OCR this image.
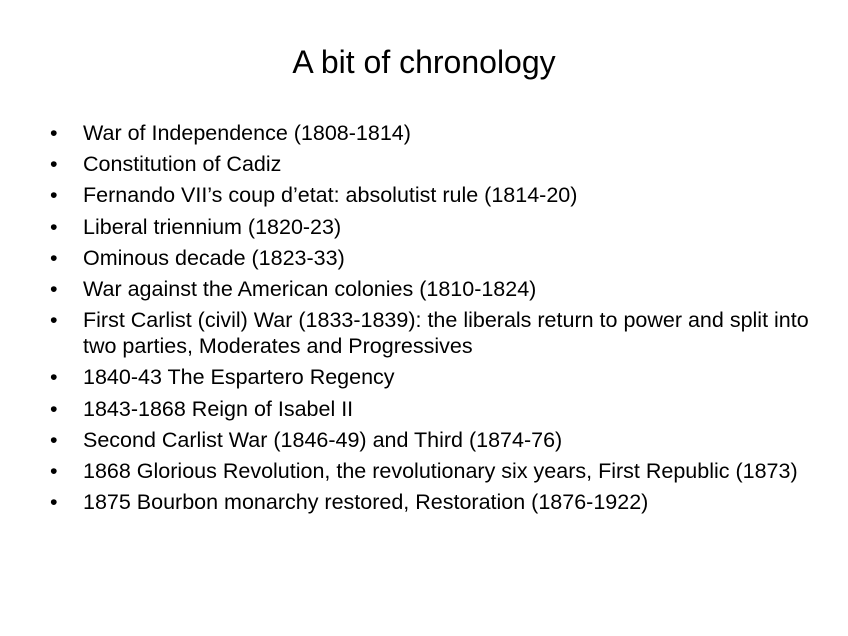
A bit of chronology
•	War of Independence (1808-1814)
•	Constitution of Cadiz
•	Fernando VII’s coup d’etat: absolutist rule (1814-20)
•	Liberal triennium (1820-23)
•	Ominous decade (1823-33)
•	War against the American colonies (1810-1824)
•	First Carlist (civil) War (1833-1839): the liberals return to power and split into two parties, Moderates and Progressives
•	1840-43 The Espartero Regency
•	1843-1868 Reign of Isabel II
•	Second Carlist War (1846-49) and Third (1874-76)
•	1868 Glorious Revolution, the revolutionary six years, First Republic (1873)
•	1875 Bourbon monarchy restored, Restoration (1876-1922)
